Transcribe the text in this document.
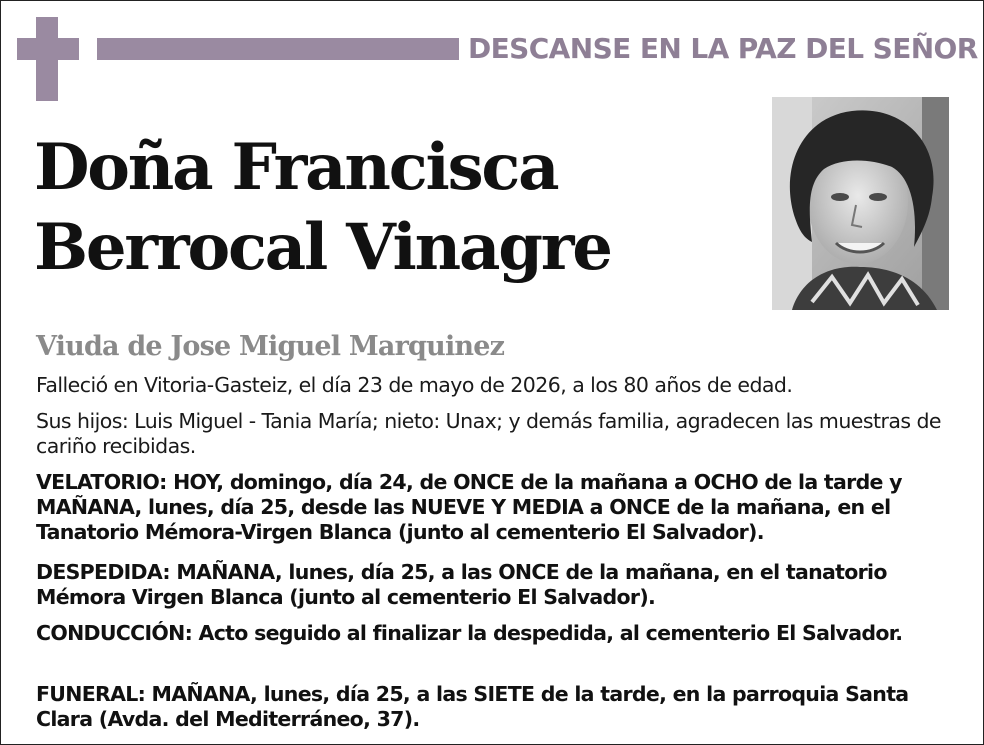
DESCANSE EN LA PAZ DEL SEÑOR
Doña Francisca
Berrocal Vinagre
Viuda de Jose Miguel Marquinez
Falleció en Vitoria-Gasteiz, el día 23 de mayo de 2026, a los 80 años de edad.
Sus hijos: Luis Miguel - Tania María; nieto: Unax; y demás familia, agradecen las muestras de cariño recibidas.
VELATORIO: HOY, domingo, día 24, de ONCE de la mañana a OCHO de la tarde y MAÑANA, lunes, día 25, desde las NUEVE Y MEDIA a ONCE de la mañana, en el Tanatorio Mémora-Virgen Blanca (junto al cementerio El Salvador).
DESPEDIDA: MAÑANA, lunes, día 25, a las ONCE de la mañana, en el tanatorio Mémora Virgen Blanca (junto al cementerio El Salvador).
CONDUCCIÓN: Acto seguido al finalizar la despedida, al cementerio El Salvador.
FUNERAL: MAÑANA, lunes, día 25, a las SIETE de la tarde, en la parroquia Santa Clara (Avda. del Mediterráneo, 37).
